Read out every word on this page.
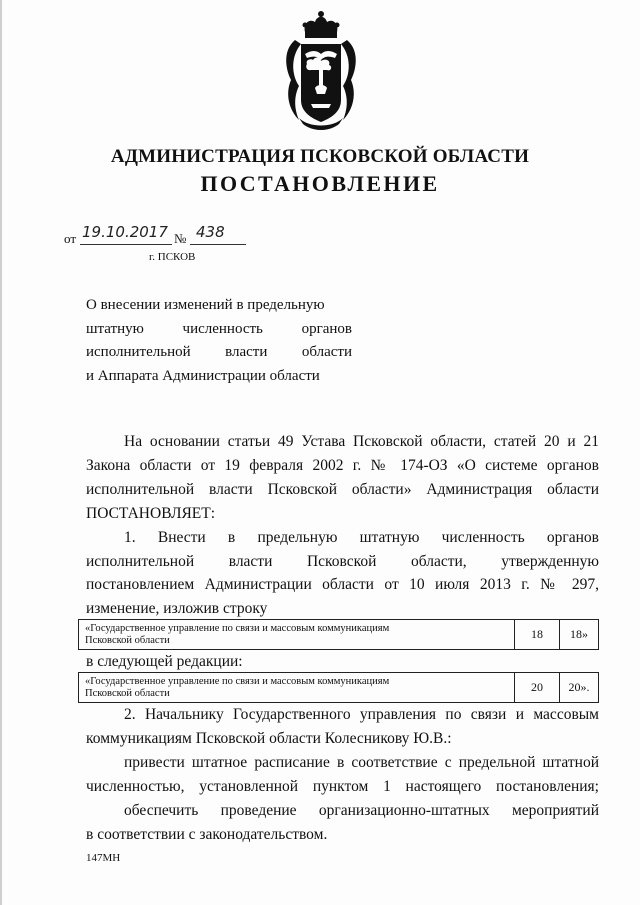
АДМИНИСТРАЦИЯ ПСКОВСКОЙ ОБЛАСТИ
ПОСТАНОВЛЕНИЕ
от 19.10.2017 № 438
г. ПСКОВ
О внесении изменений в предельную
штатную численность органов
исполнительной власти области
и Аппарата Администрации области
На основании статьи 49 Устава Псковской области, статей 20 и 21
Закона области от 19 февраля 2002 г. № 174-ОЗ «О системе органов
исполнительной власти Псковской области» Администрация области
ПОСТАНОВЛЯЕТ:
1. Внести в предельную штатную численность органов
исполнительной власти Псковской области, утвержденную
постановлением Администрации области от 10 июля 2013 г. № 297,
изменение, изложив строку
«Государственное управление по связи и массовым коммуникациям
Псковской области	18	18»
в следующей редакции:
«Государственное управление по связи и массовым коммуникациям
Псковской области	20	20».
2. Начальнику Государственного управления по связи и массовым
коммуникациям Псковской области Колесникову Ю.В.:
привести штатное расписание в соответствие с предельной штатной
численностью, установленной пунктом 1 настоящего постановления;
обеспечить проведение организационно-штатных мероприятий
в соответствии с законодательством.
147МН
